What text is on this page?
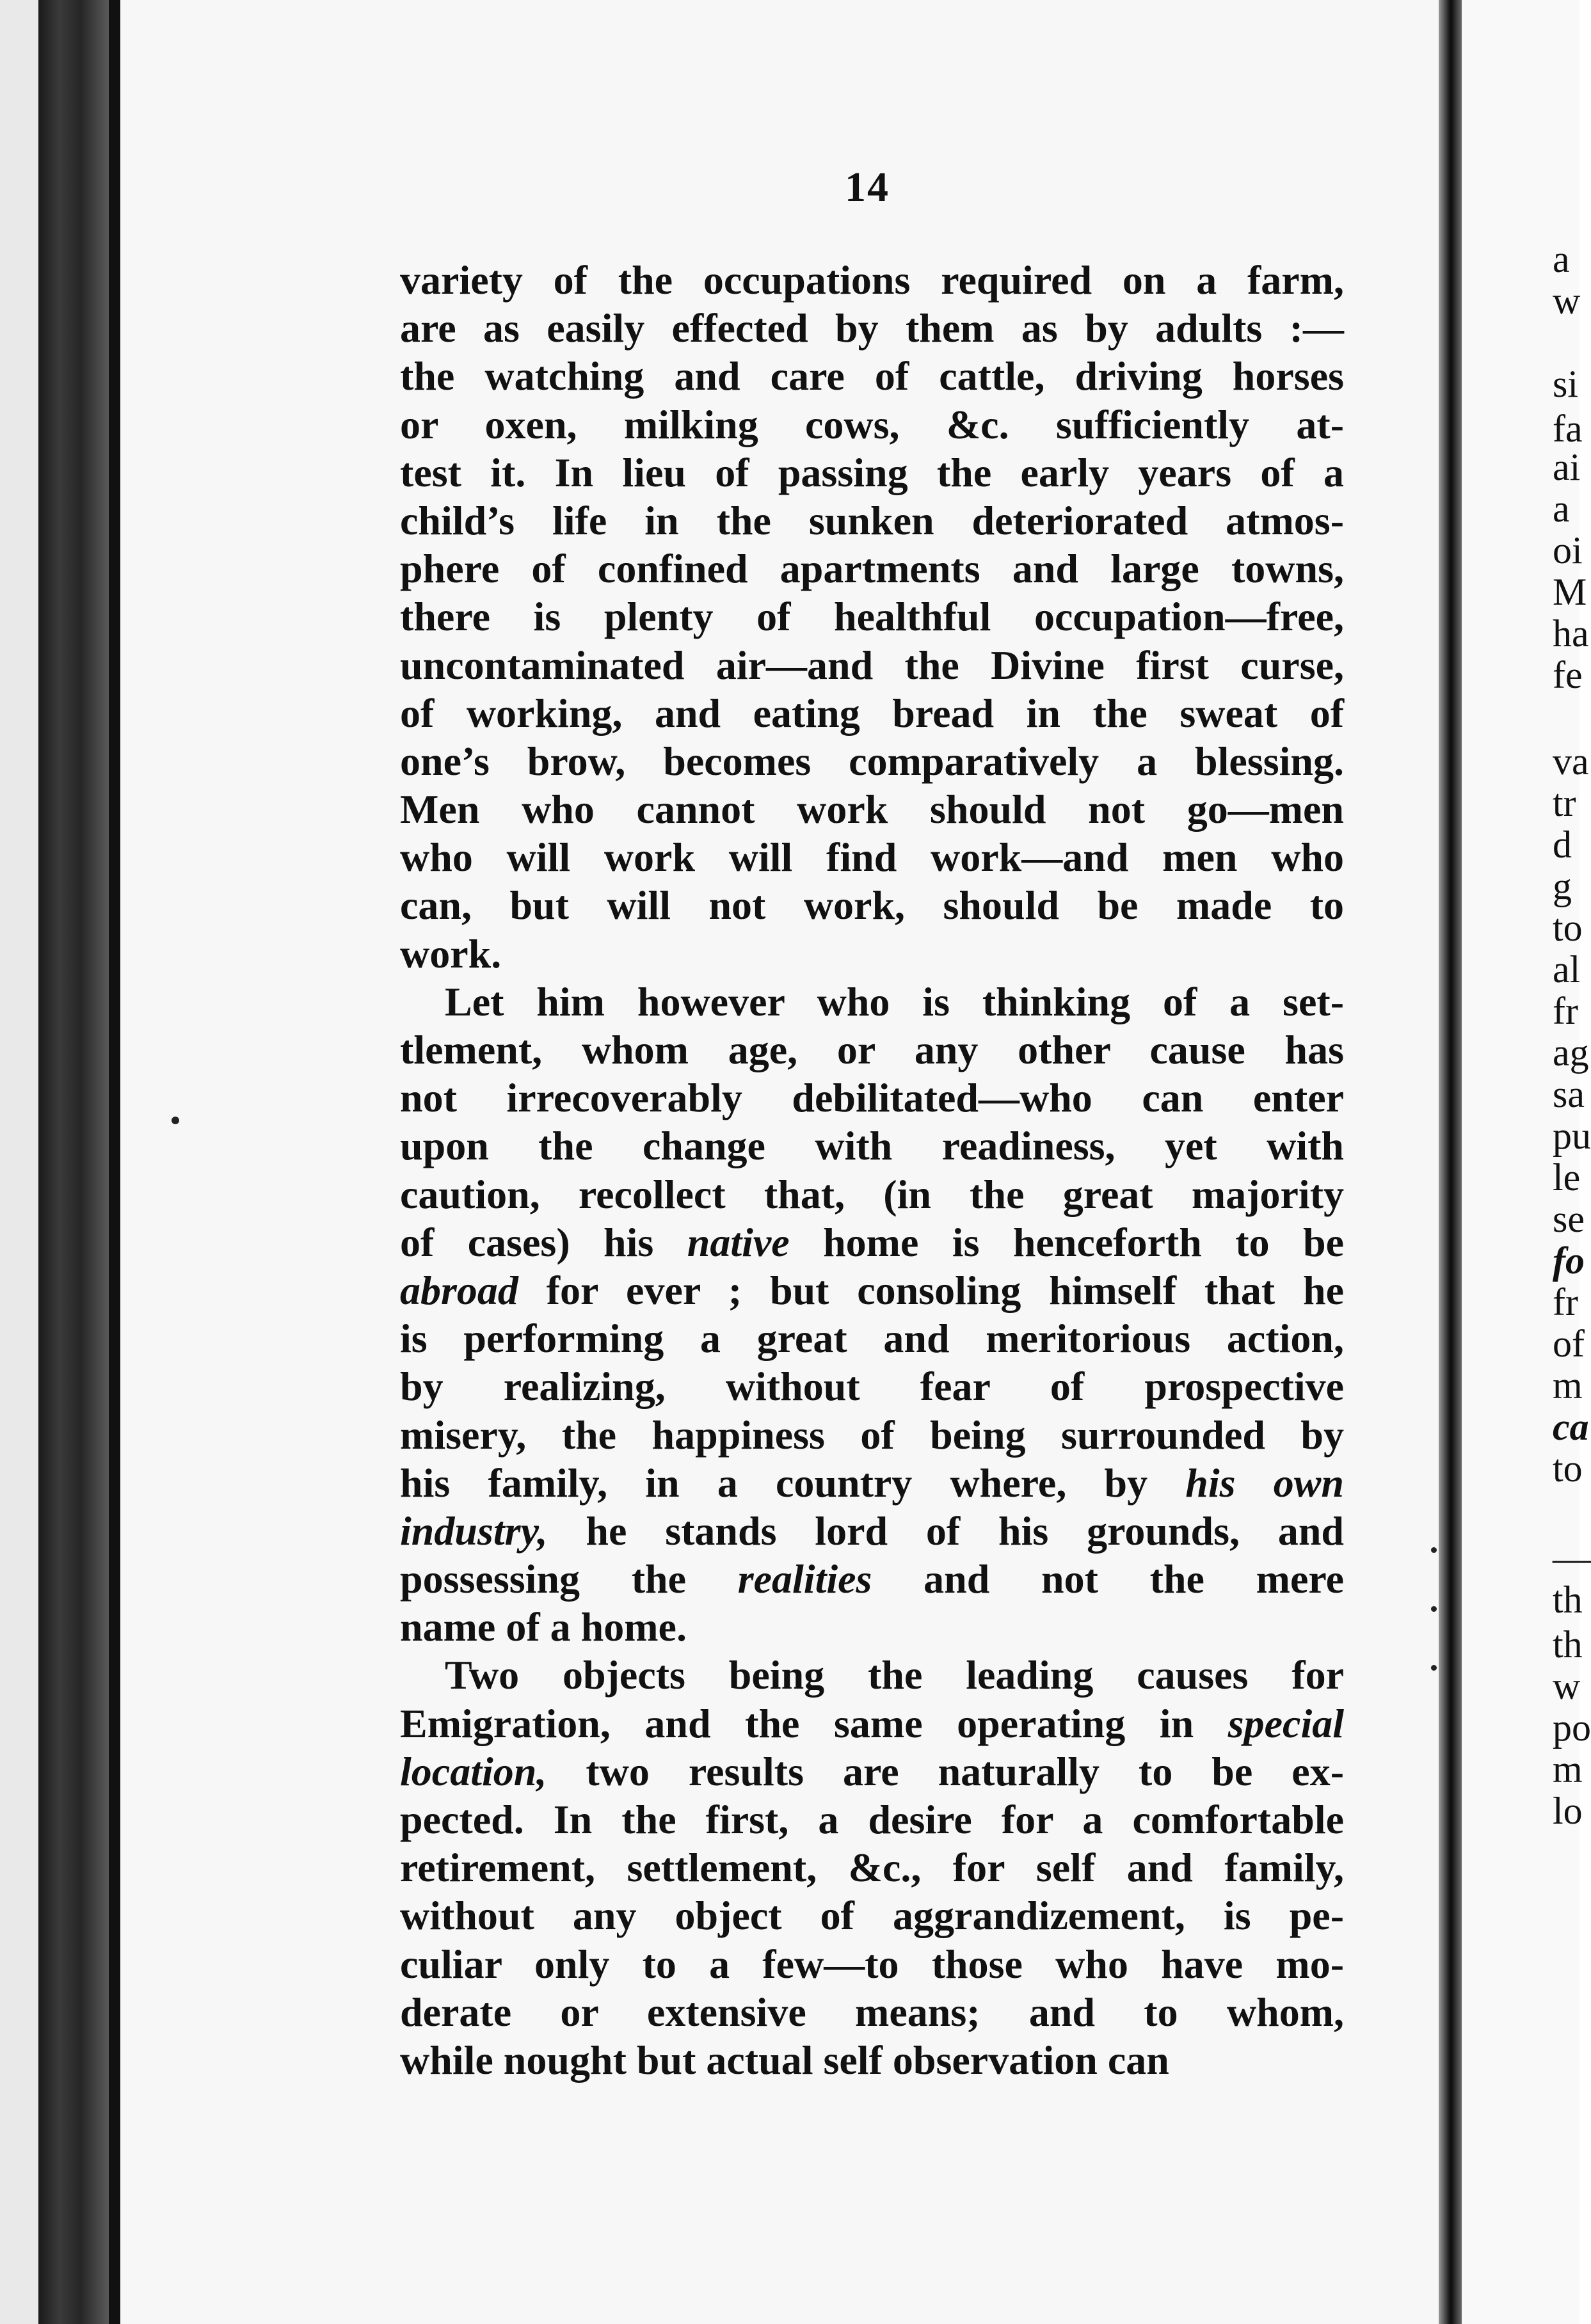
14
variety of the occupations required on a farm,
are as easily effected by them as by adults :—
the watching and care of cattle, driving horses
or oxen, milking cows, &c. sufficiently at-
test it. In lieu of passing the early years of a
child’s life in the sunken deteriorated atmos-
phere of confined apartments and large towns,
there is plenty of healthful occupation—free,
uncontaminated air—and the Divine first curse,
of working, and eating bread in the sweat of
one’s brow, becomes comparatively a blessing.
Men who cannot work should not go—men
who will work will find work—and men who
can, but will not work, should be made to
work.
Let him however who is thinking of a set-
tlement, whom age, or any other cause has
not irrecoverably debilitated—who can enter
upon the change with readiness, yet with
caution, recollect that, (in the great majority
of cases) his native home is henceforth to be
abroad for ever ; but consoling himself that he
is performing a great and meritorious action,
by realizing, without fear of prospective
misery, the happiness of being surrounded by
his family, in a country where, by his own
industry, he stands lord of his grounds, and
possessing the realities and not the mere
name of a home.
Two objects being the leading causes for
Emigration, and the same operating in special
location, two results are naturally to be ex-
pected. In the first, a desire for a comfortable
retirement, settlement, &c., for self and family,
without any object of aggrandizement, is pe-
culiar only to a few—to those who have mo-
derate or extensive means; and to whom,
while nought but actual self observation can
a
w
si
fa
ai
a
oi
M
ha
fe
va
tr
d
g
to
al
fr
ag
sa
pu
le
se
fo
fr
of
m
ca
to
—
th
th
w
po
m
lo
